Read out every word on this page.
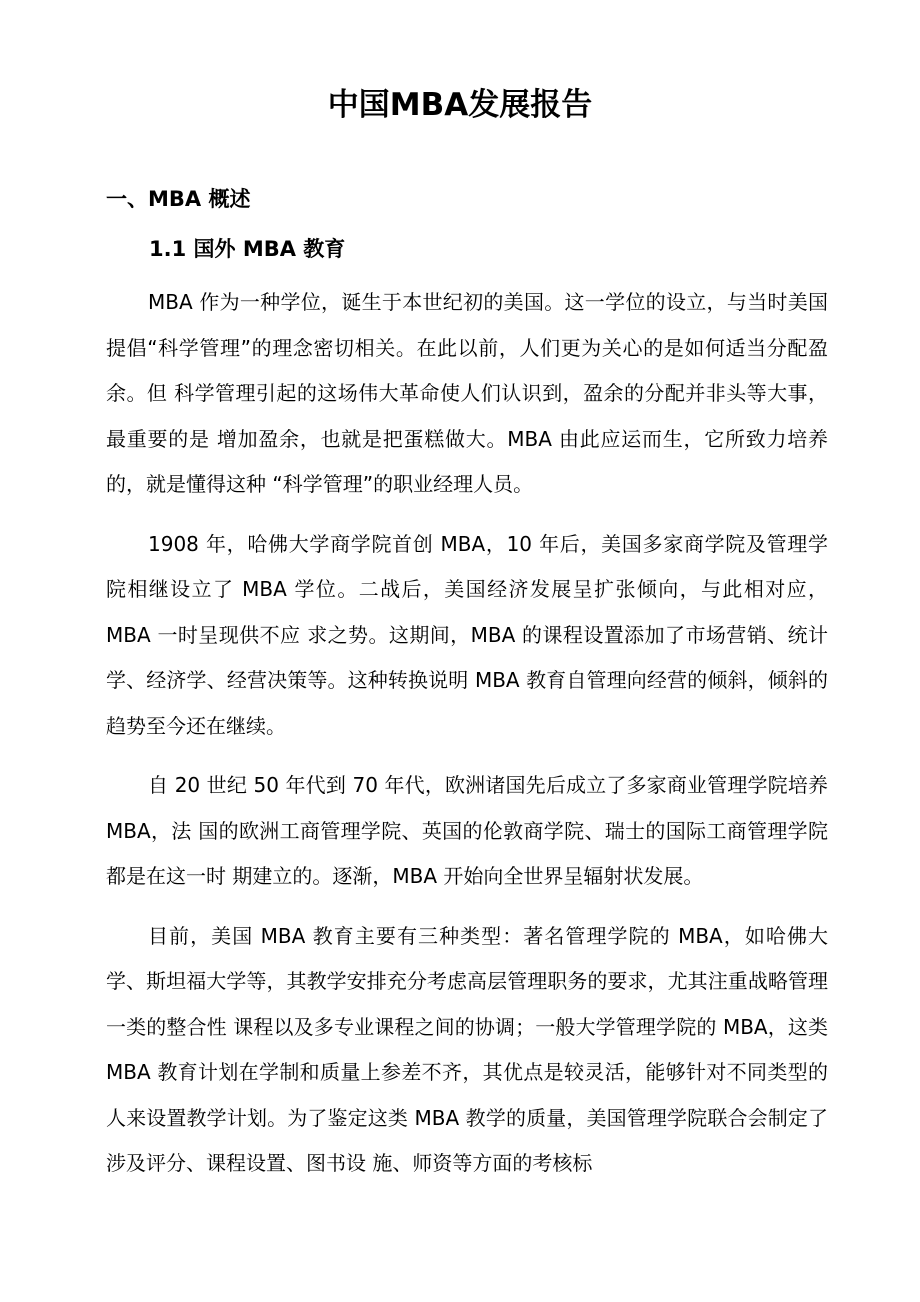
中国MBA发展报告
一、MBA 概述
1.1 国外 MBA 教育

MBA 作为一种学位，诞生于本世纪初的美国。这一学位的设立，与当时美国提倡“科学管理”的理念密切相关。在此以前，人们更为关心的是如何适当分配盈余。但 科学管理引起的这场伟大革命使人们认识到，盈余的分配并非头等大事，最重要的是 增加盈余，也就是把蛋糕做大。MBA 由此应运而生，它所致力培养的，就是懂得这种 “科学管理”的职业经理人员。

1908 年，哈佛大学商学院首创 MBA，10 年后，美国多家商学院及管理学院相继设立了 MBA 学位。二战后，美国经济发展呈扩张倾向，与此相对应，MBA 一时呈现供不应 求之势。这期间，MBA 的课程设置添加了市场营销、统计学、经济学、经营决策等。这种转换说明 MBA 教育自管理向经营的倾斜，倾斜的趋势至今还在继续。

自 20 世纪 50 年代到 70 年代，欧洲诸国先后成立了多家商业管理学院培养 MBA，法 国的欧洲工商管理学院、英国的伦敦商学院、瑞士的国际工商管理学院都是在这一时 期建立的。逐渐，MBA 开始向全世界呈辐射状发展。

目前，美国 MBA 教育主要有三种类型：著名管理学院的 MBA，如哈佛大学、斯坦福大学等，其教学安排充分考虑高层管理职务的要求，尤其注重战略管理一类的整合性 课程以及多专业课程之间的协调；一般大学管理学院的 MBA，这类 MBA 教育计划在学制和质量上参差不齐，其优点是较灵活，能够针对不同类型的人来设置教学计划。为了鉴定这类 MBA 教学的质量，美国管理学院联合会制定了涉及评分、课程设置、图书设 施、师资等方面的考核标
